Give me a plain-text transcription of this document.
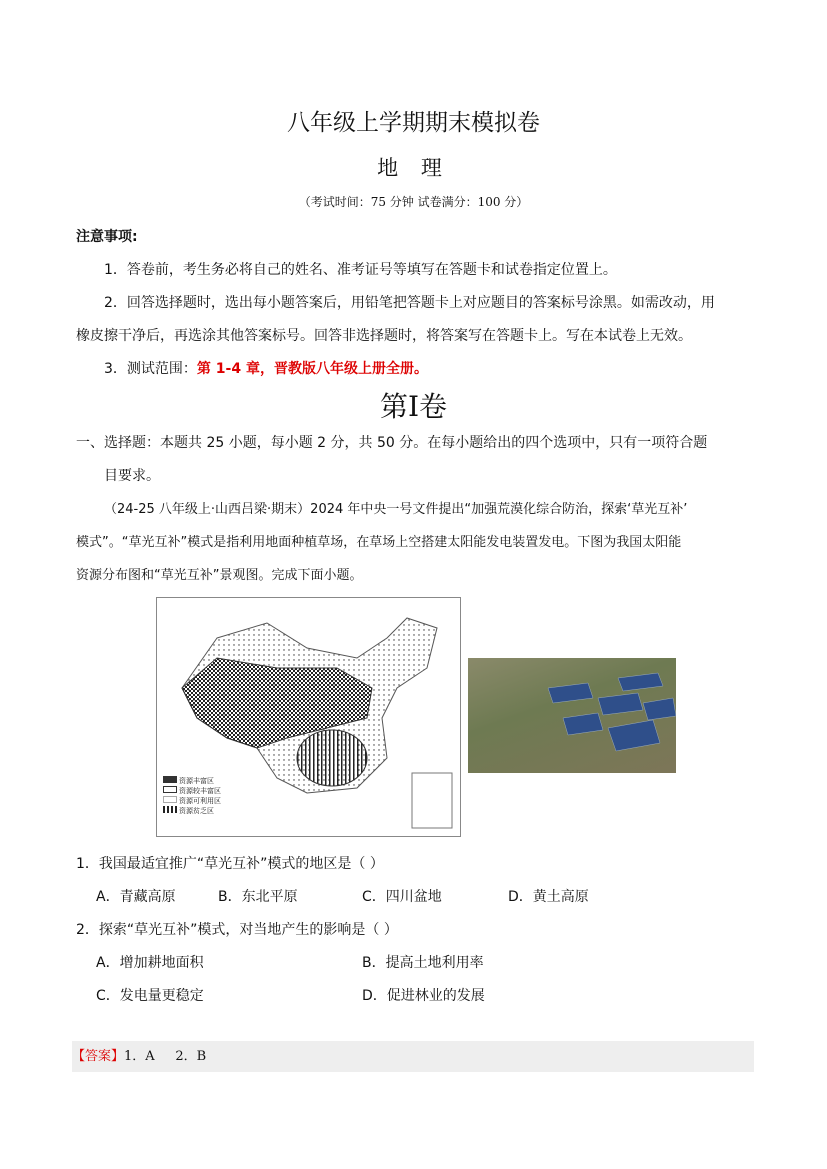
八年级上学期期末模拟卷
地 理
（考试时间：75 分钟 试卷满分：100 分）
注意事项:
1．答卷前，考生务必将自己的姓名、准考证号等填写在答题卡和试卷指定位置上。
2．回答选择题时，选出每小题答案后，用铅笔把答题卡上对应题目的答案标号涂黑。如需改动，用
橡皮擦干净后，再选涂其他答案标号。回答非选择题时，将答案写在答题卡上。写在本试卷上无效。
3．测试范围：第 1-4 章，晋教版八年级上册全册。
第Ⅰ卷
一、选择题：本题共 25 小题，每小题 2 分，共 50 分。在每小题给出的四个选项中，只有一项符合题
目要求。
（24-25 八年级上·山西吕梁·期末）2024 年中央一号文件提出“加强荒漠化综合防治，探索‘草光互补’
模式”。“草光互补”模式是指利用地面种植草场，在草场上空搭建太阳能发电装置发电。下图为我国太阳能
资源分布图和“草光互补”景观图。完成下面小题。
资源丰富区
资源较丰富区
资源可利用区
资源贫乏区
1．我国最适宜推广“草光互补”模式的地区是（ ）
A．青藏高原	B．东北平原	C．四川盆地	D．黄土高原
2．探索“草光互补”模式，对当地产生的影响是（ ）
A．增加耕地面积	B．提高土地利用率
C．发电量更稳定	D．促进林业的发展
【答案】1．A     2．B
